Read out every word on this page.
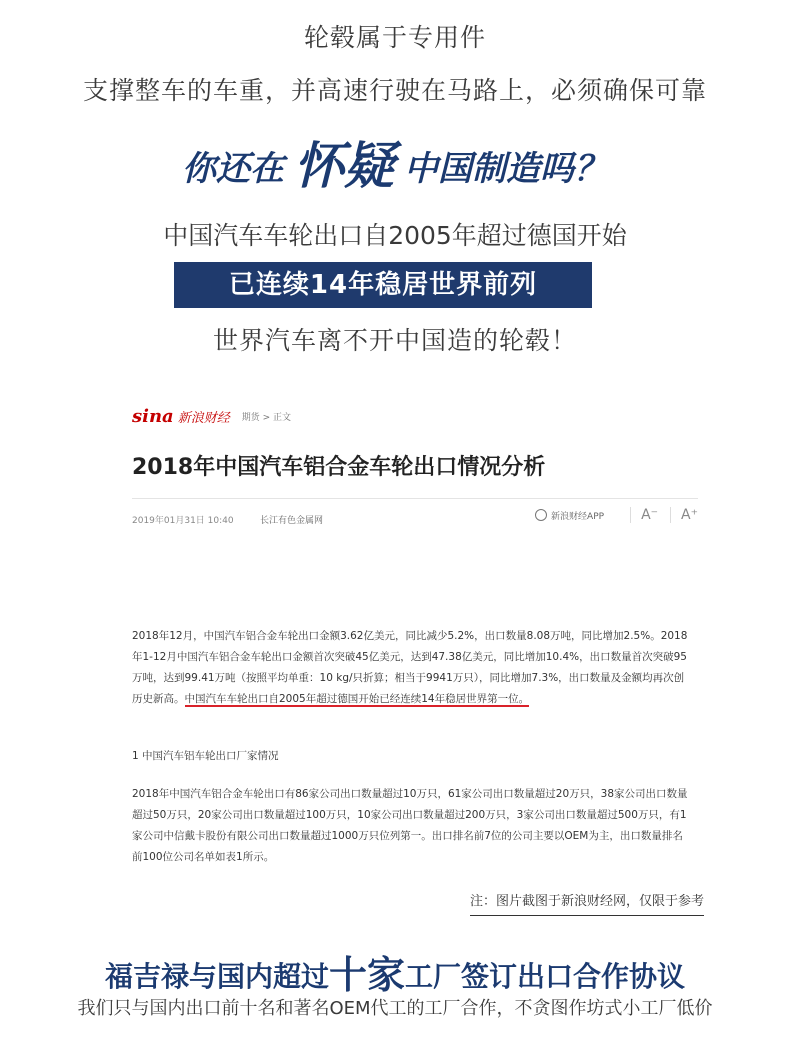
轮毂属于专用件
支撑整车的车重，并高速行驶在马路上，必须确保可靠
你还在 怀疑 中国制造吗？
中国汽车车轮出口自2005年超过德国开始
已连续14年稳居世界前列
世界汽车离不开中国造的轮毂！
sina 新浪财经 期货 > 正文
2018年中国汽车铝合金车轮出口情况分析
2019年01月31日 10:40	长江有色金属网	新浪财经APP	A⁻	A⁺
2018年12月，中国汽车铝合金车轮出口金额3.62亿美元，同比减少5.2%，出口数量8.08万吨，同比增加2.5%。2018年1-12月中国汽车铝合金车轮出口金额首次突破45亿美元，达到47.38亿美元，同比增加10.4%，出口数量首次突破95万吨，达到99.41万吨（按照平均单重：10 kg/只折算；相当于9941万只），同比增加7.3%，出口数量及金额均再次创历史新高。中国汽车车轮出口自2005年超过德国开始已经连续14年稳居世界第一位。
1 中国汽车铝车轮出口厂家情况
2018年中国汽车铝合金车轮出口有86家公司出口数量超过10万只，61家公司出口数量超过20万只，38家公司出口数量超过50万只，20家公司出口数量超过100万只，10家公司出口数量超过200万只，3家公司出口数量超过500万只，有1家公司中信戴卡股份有限公司出口数量超过1000万只位列第一。出口排名前7位的公司主要以OEM为主，出口数量排名前100位公司名单如表1所示。
注：图片截图于新浪财经网，仅限于参考
福吉禄与国内超过十家工厂签订出口合作协议
我们只与国内出口前十名和著名OEM代工的工厂合作，不贪图作坊式小工厂低价
